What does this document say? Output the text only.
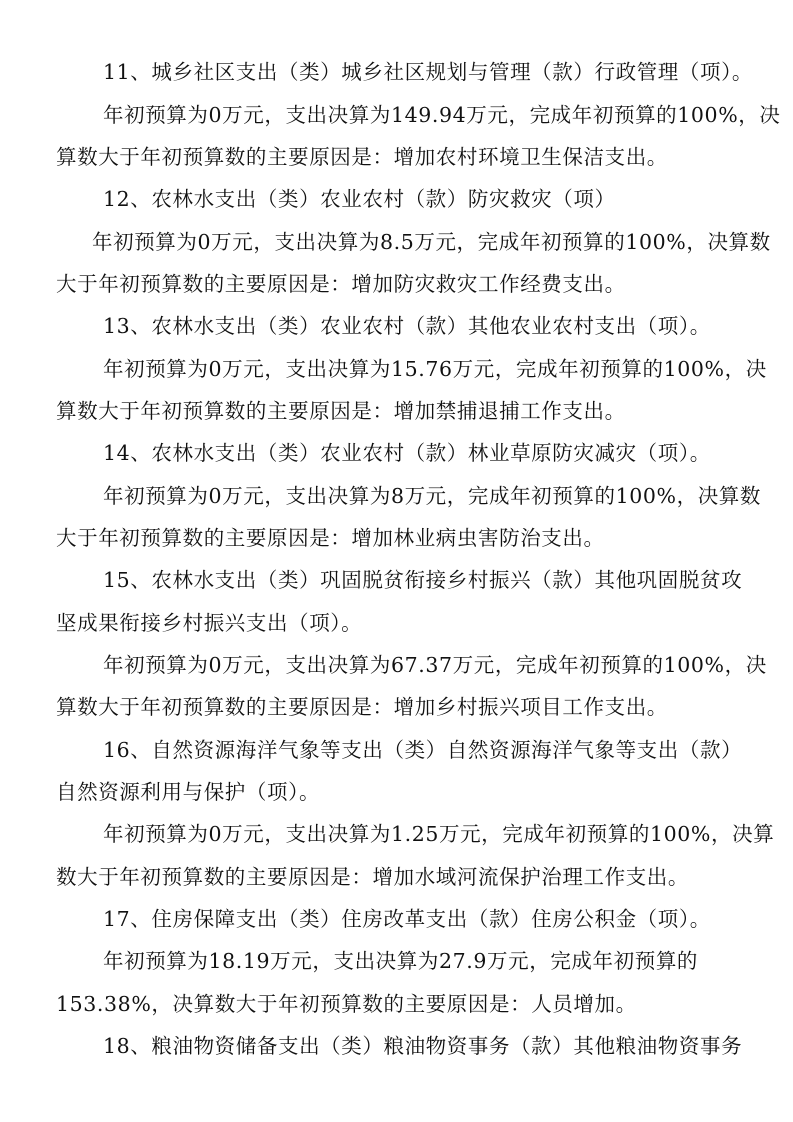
11、城乡社区支出（类）城乡社区规划与管理（款）行政管理（项）。
年初预算为0万元，支出决算为149.94万元，完成年初预算的100%，决
算数大于年初预算数的主要原因是：增加农村环境卫生保洁支出。
12、农林水支出（类）农业农村（款）防灾救灾（项）
年初预算为0万元，支出决算为8.5万元，完成年初预算的100%，决算数
大于年初预算数的主要原因是：增加防灾救灾工作经费支出。
13、农林水支出（类）农业农村（款）其他农业农村支出（项）。
年初预算为0万元，支出决算为15.76万元，完成年初预算的100%，决
算数大于年初预算数的主要原因是：增加禁捕退捕工作支出。
14、农林水支出（类）农业农村（款）林业草原防灾减灾（项）。
年初预算为0万元，支出决算为8万元，完成年初预算的100%，决算数
大于年初预算数的主要原因是：增加林业病虫害防治支出。
15、农林水支出（类）巩固脱贫衔接乡村振兴（款）其他巩固脱贫攻
坚成果衔接乡村振兴支出（项）。
年初预算为0万元，支出决算为67.37万元，完成年初预算的100%，决
算数大于年初预算数的主要原因是：增加乡村振兴项目工作支出。
16、自然资源海洋气象等支出（类）自然资源海洋气象等支出（款）
自然资源利用与保护（项）。
年初预算为0万元，支出决算为1.25万元，完成年初预算的100%，决算
数大于年初预算数的主要原因是：增加水域河流保护治理工作支出。
17、住房保障支出（类）住房改革支出（款）住房公积金（项）。
年初预算为18.19万元，支出决算为27.9万元，完成年初预算的
153.38%，决算数大于年初预算数的主要原因是：人员增加。
18、粮油物资储备支出（类）粮油物资事务（款）其他粮油物资事务
